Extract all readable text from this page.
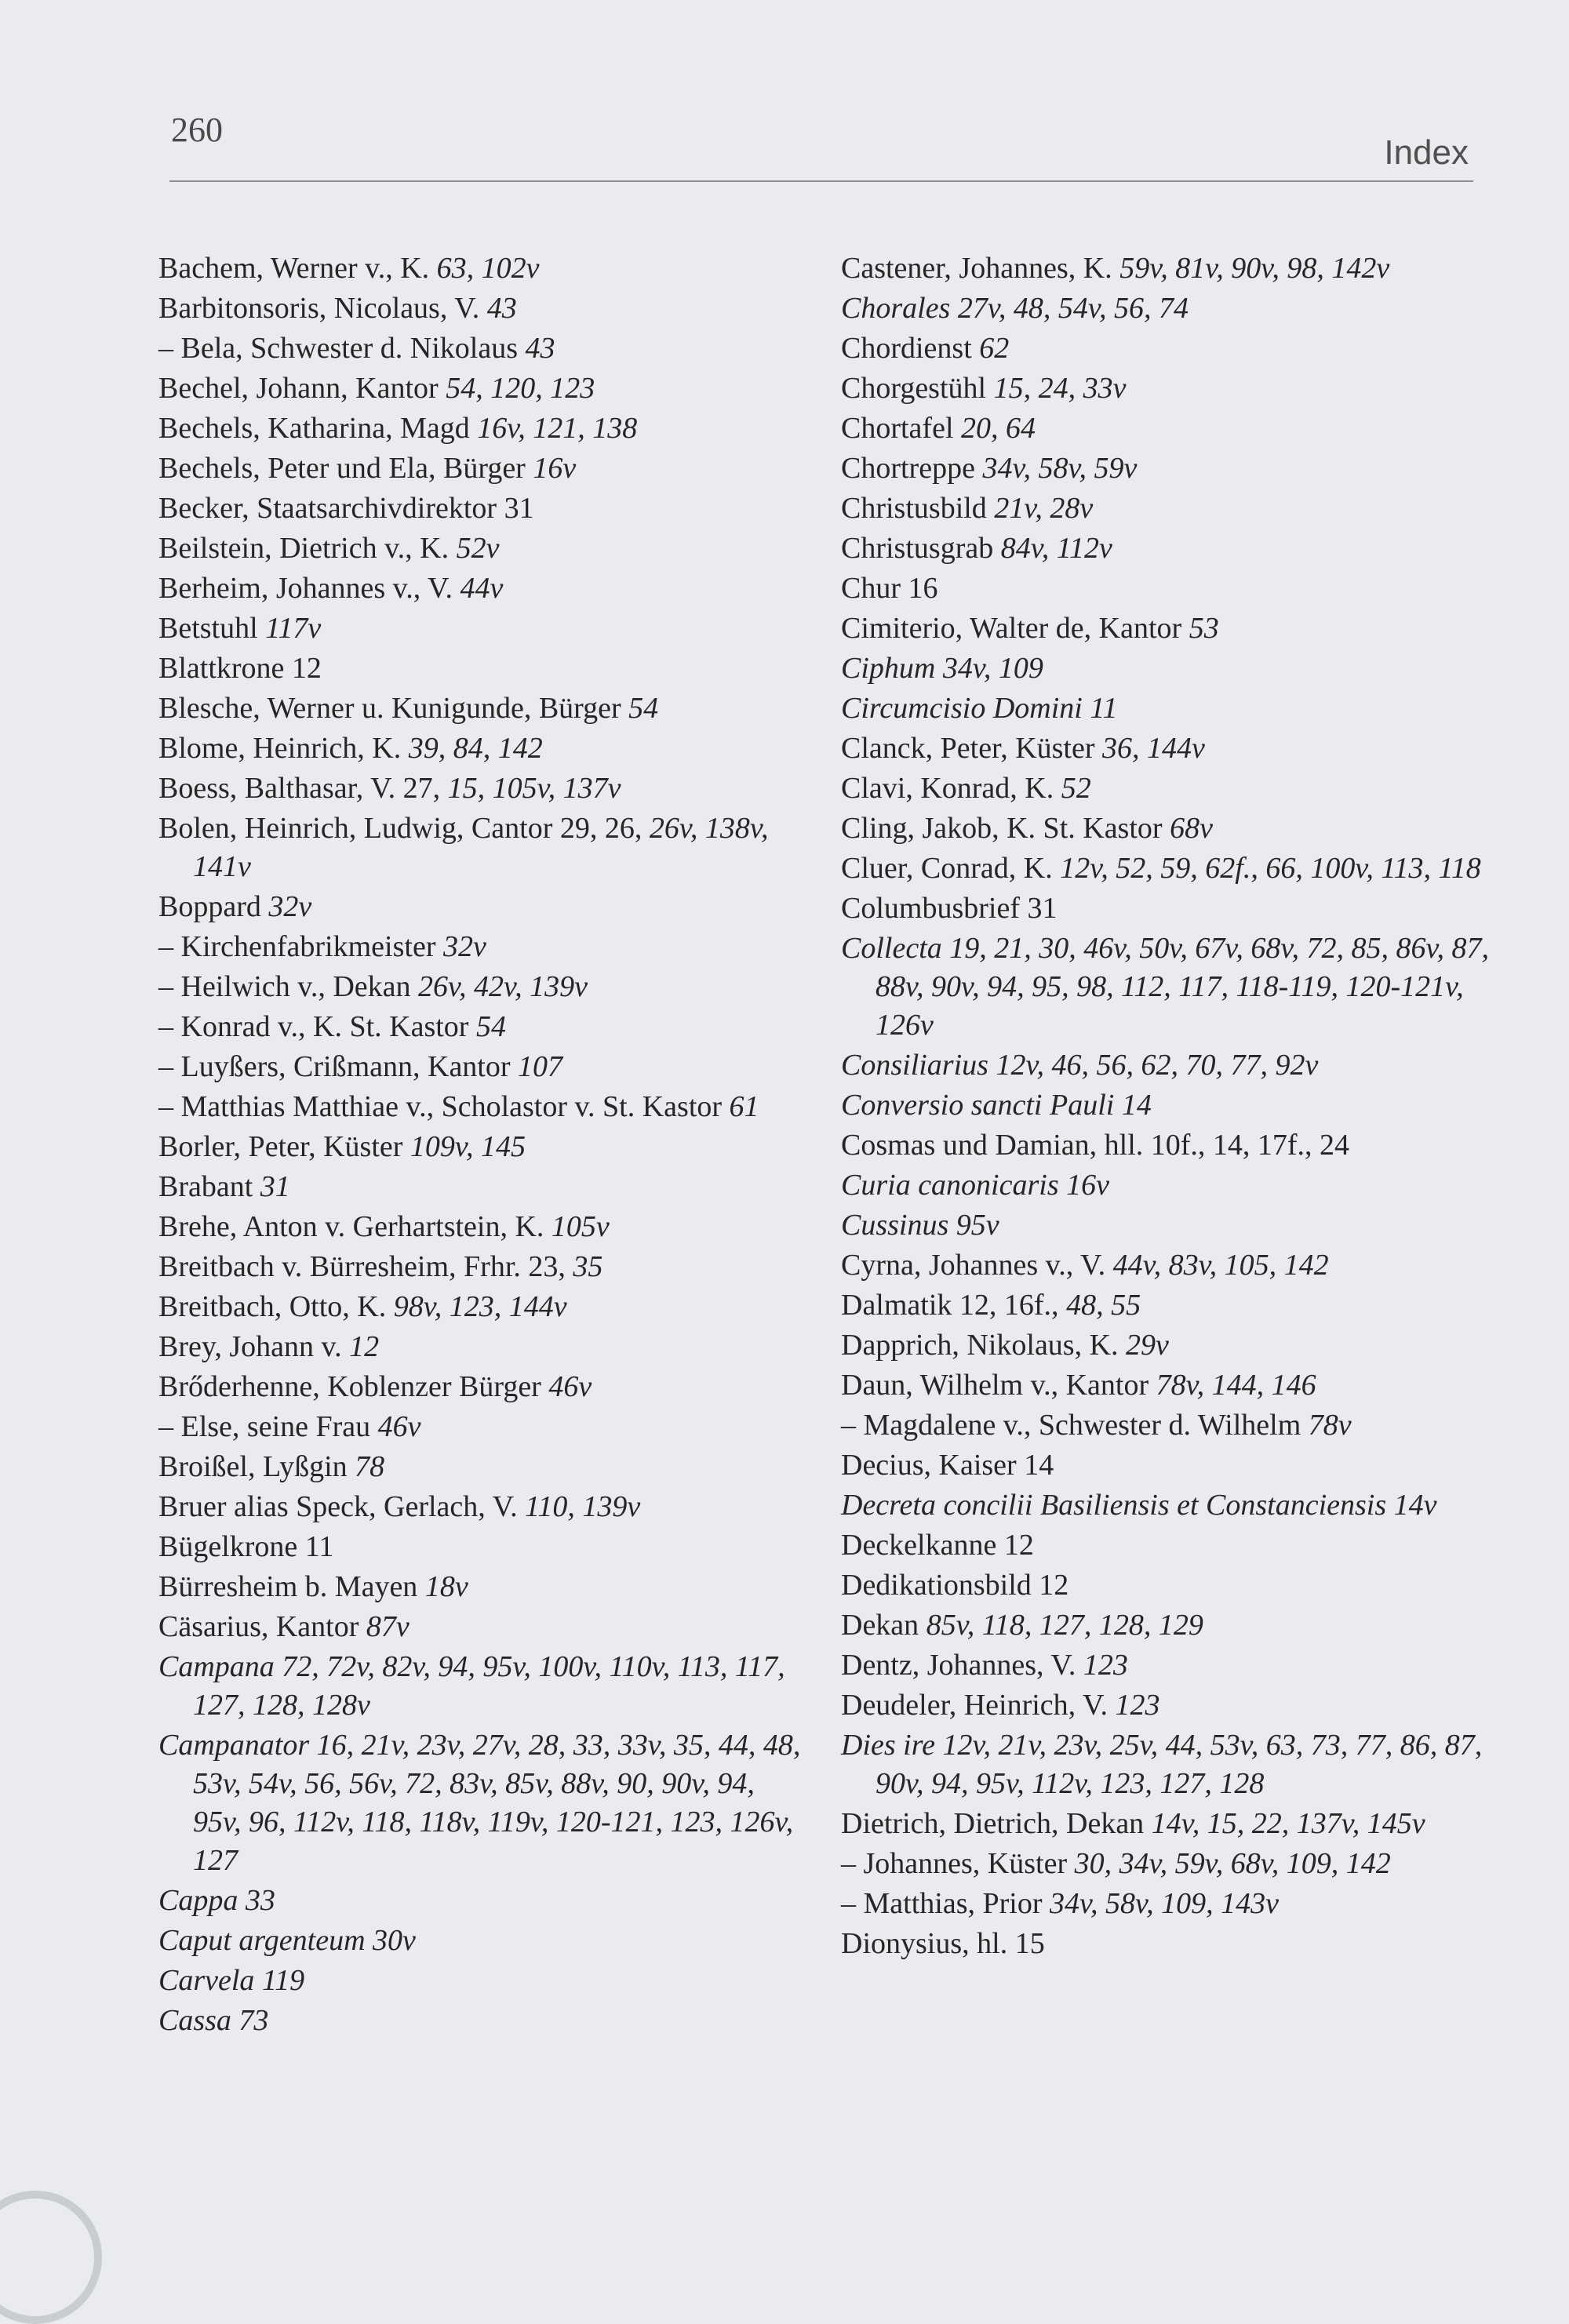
260
Index
Bachem, Werner v., K. 63, 102v
Barbitonsoris, Nicolaus, V. 43
– Bela, Schwester d. Nikolaus 43
Bechel, Johann, Kantor 54, 120, 123
Bechels, Katharina, Magd 16v, 121, 138
Bechels, Peter und Ela, Bürger 16v
Becker, Staatsarchivdirektor 31
Beilstein, Dietrich v., K. 52v
Berheim, Johannes v., V. 44v
Betstuhl 117v
Blattkrone 12
Blesche, Werner u. Kunigunde, Bürger 54
Blome, Heinrich, K. 39, 84, 142
Boess, Balthasar, V. 27, 15, 105v, 137v
Bolen, Heinrich, Ludwig, Cantor 29, 26, 26v, 138v, 141v
Boppard 32v
– Kirchenfabrikmeister 32v
– Heilwich v., Dekan 26v, 42v, 139v
– Konrad v., K. St. Kastor 54
– Luyßers, Crißmann, Kantor 107
– Matthias Matthiae v., Scholastor v. St. Kastor 61
Borler, Peter, Küster 109v, 145
Brabant 31
Brehe, Anton v. Gerhartstein, K. 105v
Breitbach v. Bürresheim, Frhr. 23, 35
Breitbach, Otto, K. 98v, 123, 144v
Brey, Johann v. 12
Brőderhenne, Koblenzer Bürger 46v
– Else, seine Frau 46v
Broißel, Lyßgin 78
Bruer alias Speck, Gerlach, V. 110, 139v
Bügelkrone 11
Bürresheim b. Mayen 18v
Cäsarius, Kantor 87v
Campana 72, 72v, 82v, 94, 95v, 100v, 110v, 113, 117, 127, 128, 128v
Campanator 16, 21v, 23v, 27v, 28, 33, 33v, 35, 44, 48, 53v, 54v, 56, 56v, 72, 83v, 85v, 88v, 90, 90v, 94, 95v, 96, 112v, 118, 118v, 119v, 120-121, 123, 126v, 127
Cappa 33
Caput argenteum 30v
Carvela 119
Cassa 73
Castener, Johannes, K. 59v, 81v, 90v, 98, 142v
Chorales 27v, 48, 54v, 56, 74
Chordienst 62
Chorgestühl 15, 24, 33v
Chortafel 20, 64
Chortreppe 34v, 58v, 59v
Christusbild 21v, 28v
Christusgrab 84v, 112v
Chur 16
Cimiterio, Walter de, Kantor 53
Ciphum 34v, 109
Circumcisio Domini 11
Clanck, Peter, Küster 36, 144v
Clavi, Konrad, K. 52
Cling, Jakob, K. St. Kastor 68v
Cluer, Conrad, K. 12v, 52, 59, 62f., 66, 100v, 113, 118
Columbusbrief 31
Collecta 19, 21, 30, 46v, 50v, 67v, 68v, 72, 85, 86v, 87, 88v, 90v, 94, 95, 98, 112, 117, 118-119, 120-121v, 126v
Consiliarius 12v, 46, 56, 62, 70, 77, 92v
Conversio sancti Pauli 14
Cosmas und Damian, hll. 10f., 14, 17f., 24
Curia canonicaris 16v
Cussinus 95v
Cyrna, Johannes v., V. 44v, 83v, 105, 142
Dalmatik 12, 16f., 48, 55
Dapprich, Nikolaus, K. 29v
Daun, Wilhelm v., Kantor 78v, 144, 146
– Magdalene v., Schwester d. Wilhelm 78v
Decius, Kaiser 14
Decreta concilii Basiliensis et Constanciensis 14v
Deckelkanne 12
Dedikationsbild 12
Dekan 85v, 118, 127, 128, 129
Dentz, Johannes, V. 123
Deudeler, Heinrich, V. 123
Dies ire 12v, 21v, 23v, 25v, 44, 53v, 63, 73, 77, 86, 87, 90v, 94, 95v, 112v, 123, 127, 128
Dietrich, Dietrich, Dekan 14v, 15, 22, 137v, 145v
– Johannes, Küster 30, 34v, 59v, 68v, 109, 142
– Matthias, Prior 34v, 58v, 109, 143v
Dionysius, hl. 15
